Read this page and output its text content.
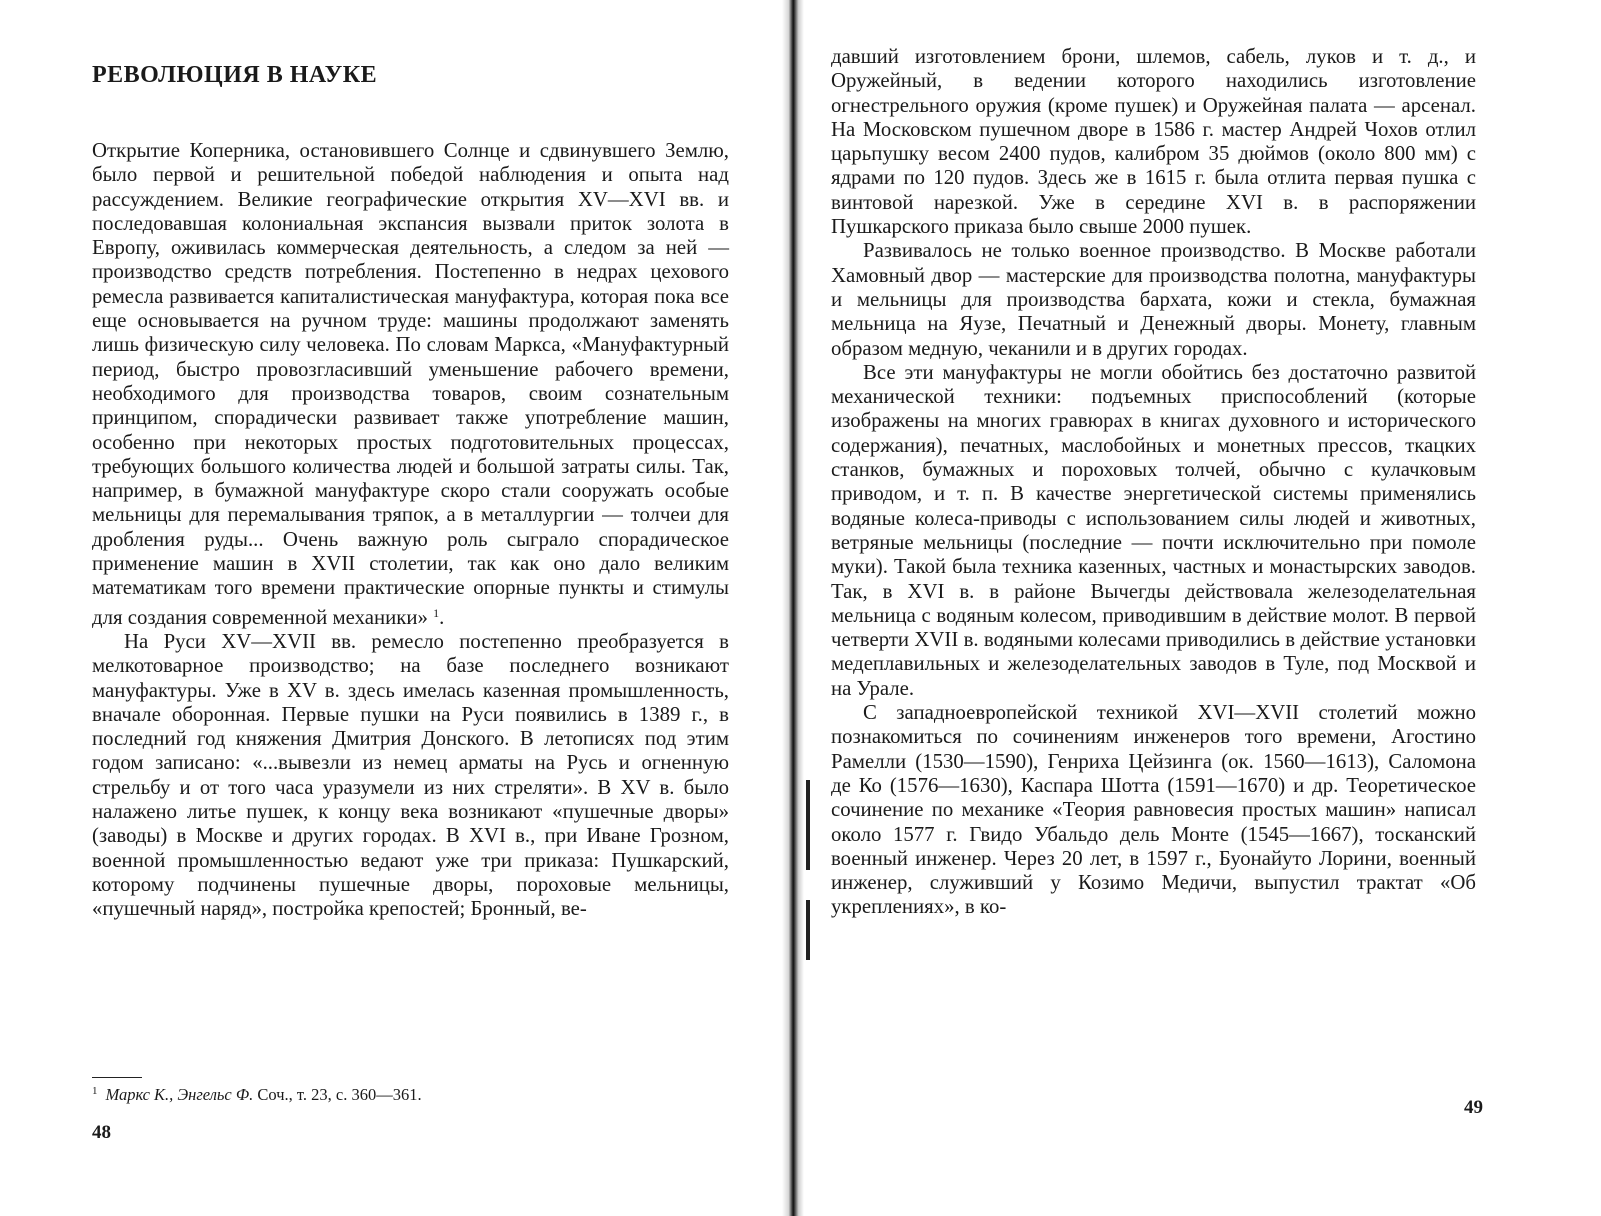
РЕВОЛЮЦИЯ В НАУКЕ

Открытие Коперника, остановившего Солнце и сдвинувшего Землю, было первой и решительной победой наблюдения и опыта над рассуждением. Великие географические открытия XV—XVI вв. и последовавшая колониальная экспансия вызвали приток золота в Европу, оживилась коммерческая деятельность, а следом за ней — производство средств потребления. Постепенно в недрах цехового ремесла развивается капиталистическая мануфактура, которая пока все еще основывается на ручном труде: машины продолжают заменять лишь физическую силу человека. По словам Маркса, «Мануфактурный период, быстро провозгласивший уменьшение рабочего времени, необходимого для производства товаров, своим сознательным принципом, спорадически развивает также употребление машин, особенно при некоторых простых подготовительных процессах, требующих большого количества людей и большой затраты силы. Так, например, в бумажной мануфактуре скоро стали сооружать особые мельницы для перемалывания тряпок, а в металлургии — толчеи для дробления руды... Очень важную роль сыграло спорадическое применение машин в XVII столетии, так как оно дало великим математикам того времени практические опорные пункты и стимулы для создания современной механики» $^1$.

На Руси XV—XVII вв. ремесло постепенно преобразуется в мелкотоварное производство; на базе последнего возникают мануфактуры. Уже в XV в. здесь имелась казенная промышленность, вначале оборонная. Первые пушки на Руси появились в 1389 г., в последний год княжения Дмитрия Донского. В летописях под этим годом записано: «...вывезли из немец арматы на Русь и огненную стрельбу и от того часа уразумели из них стреляти». В XV в. было налажено литье пушек, к концу века возникают «пушечные дворы» (заводы) в Москве и других городах. В XVI в., при Иване Грозном, военной промышленностью ведают уже три приказа: Пушкарский, которому подчинены пушечные дворы, пороховые мельницы, «пушечный наряд», постройка крепостей; Бронный, ве-

$^1$ Маркс К., Энгельс Ф. Соч., т. 23, с. 360—361.
48

давший изготовлением брони, шлемов, сабель, луков и т. д., и Оружейный, в ведении которого находились изготовление огнестрельного оружия (кроме пушек) и Оружейная палата — арсенал. На Московском пушечном дворе в 1586 г. мастер Андрей Чохов отлил царьпушку весом 2400 пудов, калибром 35 дюймов (около 800 мм) с ядрами по 120 пудов. Здесь же в 1615 г. была отлита первая пушка с винтовой нарезкой. Уже в середине XVI в. в распоряжении Пушкарского приказа было свыше 2000 пушек.

Развивалось не только военное производство. В Москве работали Хамовный двор — мастерские для производства полотна, мануфактуры и мельницы для производства бархата, кожи и стекла, бумажная мельница на Яузе, Печатный и Денежный дворы. Монету, главным образом медную, чеканили и в других городах.

Все эти мануфактуры не могли обойтись без достаточно развитой механической техники: подъемных приспособлений (которые изображены на многих гравюрах в книгах духовного и исторического содержания), печатных, маслобойных и монетных прессов, ткацких станков, бумажных и пороховых толчей, обычно с кулачковым приводом, и т. п. В качестве энергетической системы применялись водяные колеса-приводы с использованием силы людей и животных, ветряные мельницы (последние — почти исключительно при помоле муки). Такой была техника казенных, частных и монастырских заводов. Так, в XVI в. в районе Вычегды действовала железоделательная мельница с водяным колесом, приводившим в действие молот. В первой четверти XVII в. водяными колесами приводились в действие установки медеплавильных и железоделательных заводов в Туле, под Москвой и на Урале.

С западноевропейской техникой XVI—XVII столетий можно познакомиться по сочинениям инженеров того времени, Агостино Рамелли (1530—1590), Генриха Цейзинга (ок. 1560—1613), Саломона де Ко (1576—1630), Каспара Шотта (1591—1670) и др. Теоретическое сочинение по механике «Теория равновесия простых машин» написал около 1577 г. Гвидо Убальдо дель Монте (1545—1667), тосканский военный инженер. Через 20 лет, в 1597 г., Буонайуто Лорини, военный инженер, служивший у Козимо Медичи, выпустил трактат «Об укреплениях», в ко-

49
